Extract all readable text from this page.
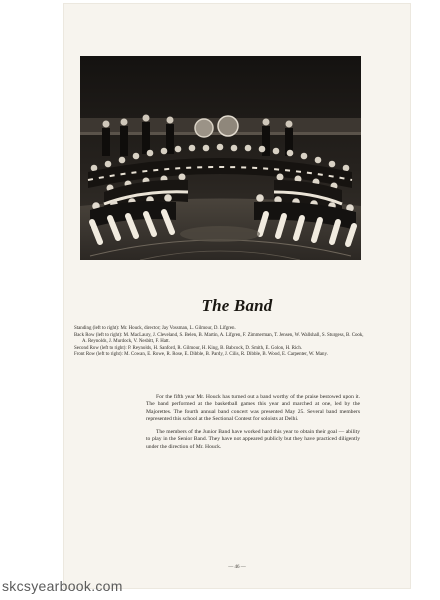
The Band
Standing (left to right): Mr. Houck, director; Jay Vossman, L. Gilmour, D. Lifgren.
Back Row (left to right): M. MacLaury, J. Cleveland, S. Belen, B. Martin, A. Lifgren, F. Zimmerman, T. Jensen, W. Wallshall, S. Sturgess, B. Cook, A. Reynolds, J. Murdock, V. Nesbitt, F. Hatt.
Second Row (left to right): P. Reynolds, H. Sanford, R. Gilmour, H. King, B. Babcock, D. Smith, E. Golon, H. Rich.
Front Row (left to right): M. Cowan, E. Rowe, R. Rose, E. Dibble, B. Pardy, J. Cilis, R. Dibble, B. Wood, E. Carpenter, W. Many.

For the fifth year Mr. Houck has turned out a band worthy of the praise bestowed upon it. The band performed at the basketball games this year and marched at one, led by the Majorettes. The fourth annual band concert was presented May 25. Several band members represented this school at the Sectional Contest for soloists at Delhi.

The members of the Junior Band have worked hard this year to obtain their goal — ability to play in the Senior Band. They have not appeared publicly but they have practiced diligently under the direction of Mr. Houck.

— 46 —
skcsyearbook.com
